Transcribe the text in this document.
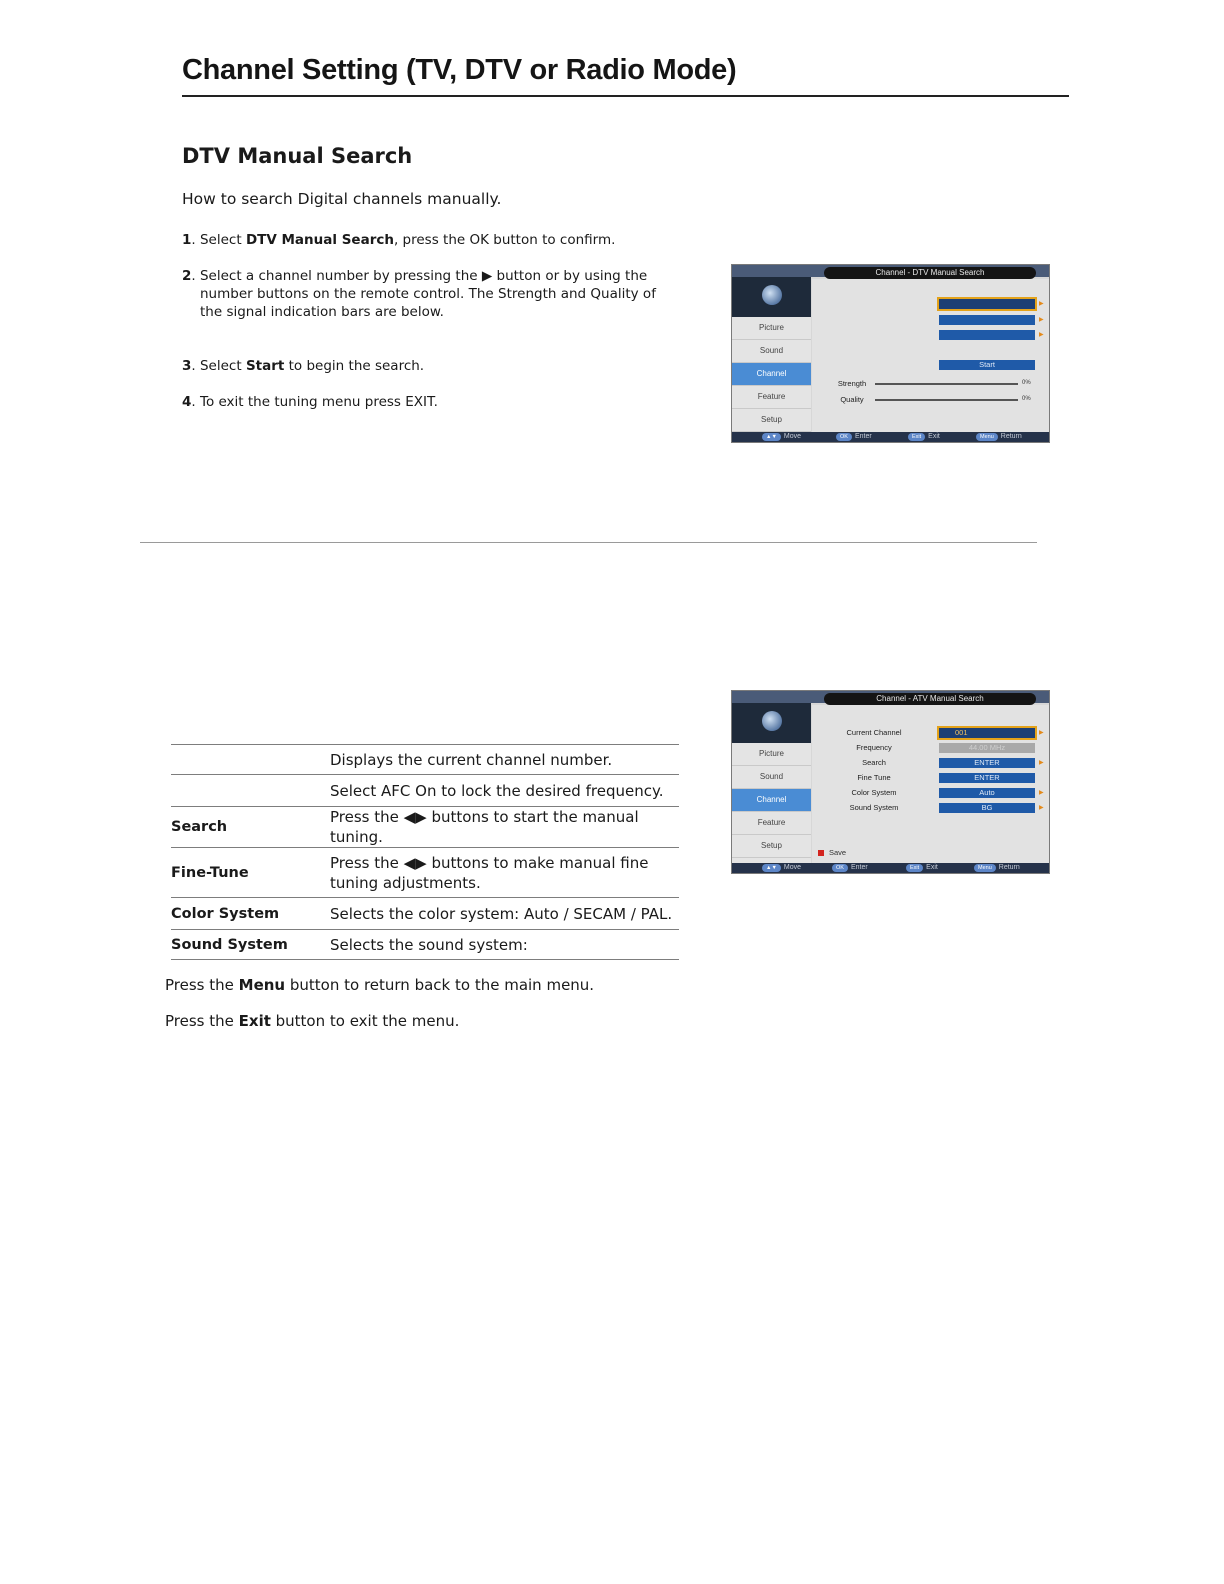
Channel Setting (TV, DTV or Radio Mode)
DTV Manual Search
How to search Digital channels manually.
1. Select DTV Manual Search, press the OK button to confirm.
2. Select a channel number by pressing the ▶ button or by using the
number buttons on the remote control. The Strength and Quality of
the signal indication bars are below.
3. Select Start to begin the search.
4. To exit the tuning menu press EXIT.
Channel - DTV Manual Search
Picture
Sound
Channel
Feature
Setup
▶
▶
▶
Start
Strength	0%
Quality	0%
▲▼ Move	OK Enter	Exit Exit	Menu Return
Channel - ATV Manual Search
Picture
Sound
Channel
Feature
Setup
Current Channel	001	▶
Frequency	44.00 MHz
Search	ENTER	▶
Fine Tune	ENTER
Color System	Auto	▶
Sound System	BG	▶
Save
▲▼ Move	OK Enter	Exit Exit	Menu Return
	Displays the current channel number.
	Select AFC On to lock the desired frequency.
Search	Press the ◀▶ buttons to start the manual tuning.
Fine-Tune	Press the ◀▶ buttons to make manual fine tuning adjustments.
Color System	Selects the color system: Auto / SECAM / PAL.
Sound System	Selects the sound system:
Press the Menu button to return back to the main menu.
Press the Exit button to exit the menu.
